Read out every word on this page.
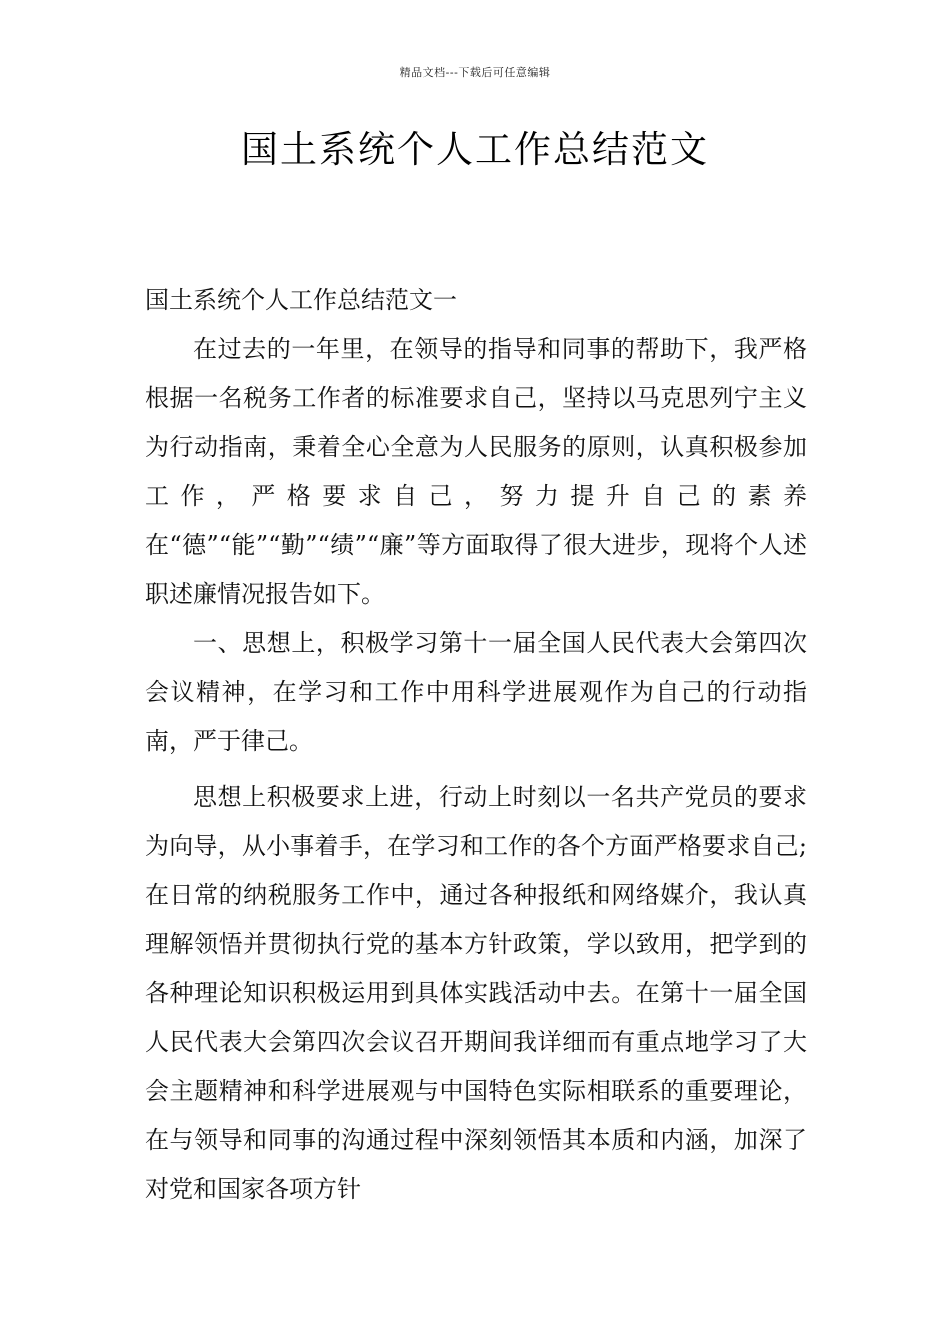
精品文档---下载后可任意编辑
国土系统个人工作总结范文

国土系统个人工作总结范文一

在过去的一年里，在领导的指导和同事的帮助下，我严格根据一名税务工作者的标准要求自己，坚持以马克思列宁主义为行动指南，秉着全心全意为人民服务的原则，认真积极参加工作，严格要求自己，努力提升自己的素养在“德”“能”“勤”“绩”“廉”等方面取得了很大进步，现将个人述职述廉情况报告如下。

一、思想上，积极学习第十一届全国人民代表大会第四次会议精神，在学习和工作中用科学进展观作为自己的行动指南，严于律己。

思想上积极要求上进，行动上时刻以一名共产党员的要求为向导，从小事着手，在学习和工作的各个方面严格要求自己;在日常的纳税服务工作中，通过各种报纸和网络媒介，我认真理解领悟并贯彻执行党的基本方针政策，学以致用，把学到的各种理论知识积极运用到具体实践活动中去。在第十一届全国人民代表大会第四次会议召开期间我详细而有重点地学习了大会主题精神和科学进展观与中国特色实际相联系的重要理论，在与领导和同事的沟通过程中深刻领悟其本质和内涵，加深了对党和国家各项方针
